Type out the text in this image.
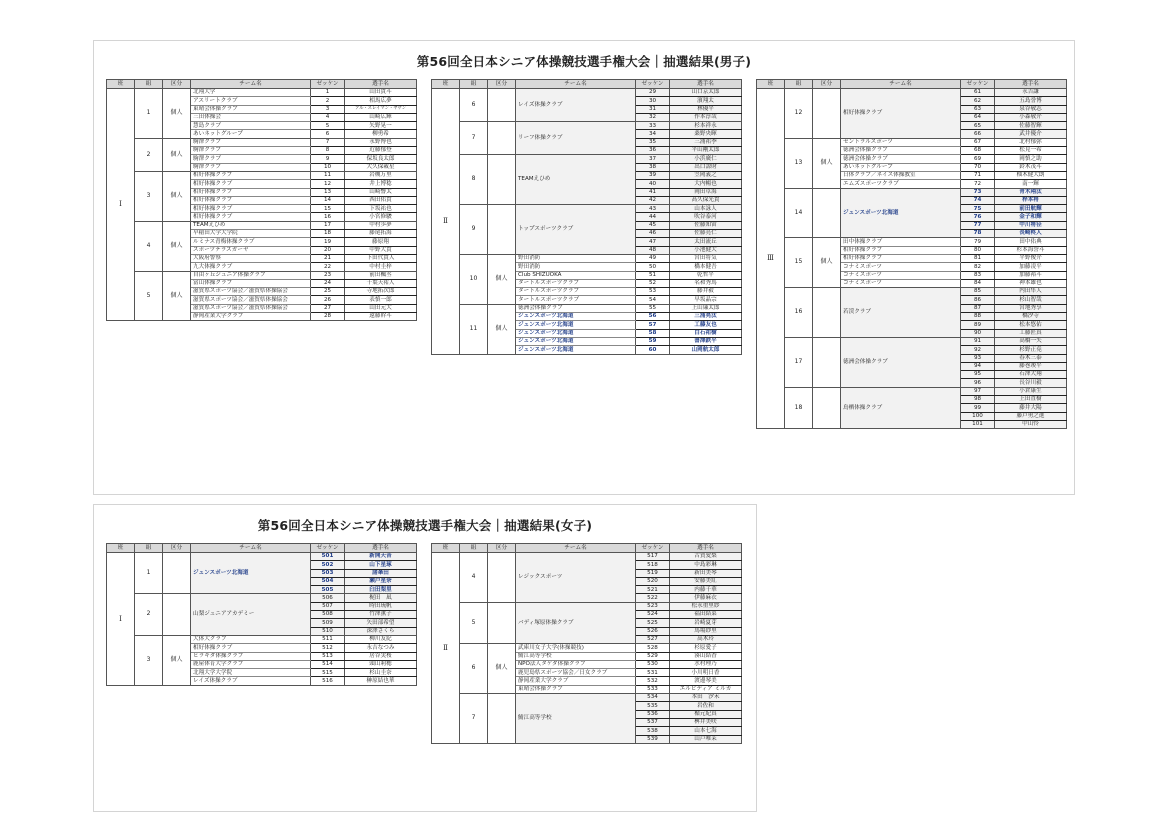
第56回全日本シニア体操競技選手権大会｜抽選結果(男子)
第56回全日本シニア体操競技選手権大会｜抽選結果(女子)
班	組	区分	チーム名	ゼッケン	選手名
Ⅰ	1	個人	北翔大学	1	山田貴斗
			アスリートクラブ	2	相馬広夢
			東晴会体操クラブ	3	アル・スレイマン・ヤザン
			三田体操会	4	山崎広輝
			慧島クラブ	5	矢野晃一
			あいネットグループ	6	柳勇希
	2	個人	駒澤クラブ	7	永野博也
			駒澤クラブ	8	近藤郁登
			駒澤クラブ	9	保坂良太郎
			駒澤クラブ	10	大久保載星
	3	個人	相好体操クラブ	11	岩槻万里
			相好体操クラブ	12	井上博稔
			相好体操クラブ	13	山崎響太
			相好体操クラブ	14	西田佑貴
			相好体操クラブ	15	下坂祐也
			相好体操クラブ	16	小宮修駿
	4	個人	TEAMえひめ	17	中村歩夢
			早稲田大学大学院	18	藤尾拓海
			ルミナス青梅体操クラブ	19	藤原翔
			スポーツテラスガーヤ	20	中野大貴
			大阪府警察	21	下田代貴人
			九大体操クラブ	22	中村圭梓
	5	個人	自由ヶ丘ジュニア体操クラブ	23	前田楓丞
			富山体操クラブ	24	千葉天祐人
			滋賀県スポーツ協会／滋賀県体操協会	25	寺地拓次郎
			滋賀県スポーツ協会／滋賀県体操協会	26	表慎一郎
			滋賀県スポーツ協会／滋賀県体操協会	27	山田元大
			静岡産業大学クラブ	28	遠藤幹斗
班	組	区分	チーム名	ゼッケン	選手名
Ⅱ	6		レイズ体操クラブ	29	山口京太郎
				30	濱翔太
				31	林優平
				32	作本淳哉
	7		リーフ体操クラブ	33	杉本祥永
				34	桑野央暉
				35	三浦祐季
				36	平山剛太郎
	8		TEAMえひめ	37	小浜廣仁
				38	出口諒財
				39	笠岡義之
				40	大内暢也
				41	岡田卓海
				42	高久保光貴
	9		トップスポーツクラブ	43	山本詠人
				44	吹谷泰河
				45	佐藤知宙
				46	佐藤亮仁
				47	太田流丘
				48	小池健大
	10	個人	野田消防	49	宮田将気
			野田消防	50	橋本健吾
			Club SHIZUOKA	51	乾哲平
			タートルスポーツクラブ	52	名和秀馬
			タートルスポーツクラブ	53	藤井毅
			タートルスポーツクラブ	54	早坂晶宗
	11	個人	徳洲会体操クラブ	55	上山廉太郎
			ジュンスポーツ北海道	56	三浦亮汰
			ジュンスポーツ北海道	57	工藤友也
			ジュンスポーツ北海道	58	白石祐樹
			ジュンスポーツ北海道	59	書澤鉄平
			ジュンスポーツ北海道	60	山岡航太郎
班	組	区分	チーム名	ゼッケン	選手名
Ⅲ	12		相好体操クラブ	61	永吉謙
				62	五島誉博
				63	泉谷敬志
				64	小森敬介
				65	佐藤智輝
				66	武井優介
	13	個人	セントラルスポーツ	67	北村郁弥
			徳洲会体操クラブ	68	松見一希
			徳洲会体操クラブ	69	岡慎之助
			あいネットグループ	70	鈴木茂斗
			日体クラブ／ネイス体操教室	71	柚木健大朗
			エムズスポーツクラブ	72	南一輝
	14		ジュンスポーツ北海道	73	青木翔汰
				74	梓本将
				75	前田航輝
				76	金子和輝
				77	中川将径
				78	長崎柊人
	15	個人	田中体操クラブ	79	田中佑典
			相好体操クラブ	80	杉本海誉斗
			相好体操クラブ	81	平野俊介
			コナミスポーツ	82	加藤凌平
			コナミスポーツ	83	加藤裕斗
			コナミスポーツ	84	神本雄也
	16		若渓クラブ	85	内田隼人
				86	杉山智哉
				87	宮地秀享
				88	橋汐寺
				89	松本悠佑
				90	工藤匠真
	17		徳洲会体操クラブ	91	高橋一矢
				92	杉野正尭
				93	春木三泰
				94	藤巻竣平
				95	石澤大翔
				96	長谷川毅
	18		鳥栖体操クラブ	97	小倉康生
				98	上田直樹
				99	藤井大陽
				100	藤戸勇之進
				101	中山怜
班	組	区分	チーム名	ゼッケン	選手名
Ⅰ	1		ジュンスポーツ北海道	501	新開天音
				502	山下星琢
				503	諸峯田
				504	瀬戸星奈
				505	臼田梨里
	2		山梨ジュニアアカデミー	506	梶田　凪
				507	時田琉帆
				508	竹澤薫子
				509	矢田部希望
				510	深澤さくら
	3	個人	大体大クラブ	511	柳川友紀
			相好体操クラブ	512	永吉なつみ
			ヒラキダ体操クラブ	513	居谷実桜
			鹿屋体育大学クラブ	514	頭山莉穂
			北翔大学大学院	515	杉山圭奈
			レイズ体操クラブ	516	榊原結也華
班	組	区分	チーム名	ゼッケン	選手名
Ⅱ	4		レジックスポーツ	517	古賀愛梨
				518	中島彩琳
				519	新田美琴
				520	安藤美紅
				521	内藤千華
				522	伊藤麻衣
	5		バディ塚原体操クラブ	523	松永重里紗
				524	福田結菜
				525	岩崎夏芽
				526	馬場紗里
				527	高木玲
	6	個人	武庫川女子大学(体操競技)	528	杉原愛子
			鯖江高等学校	529	湊山結香
			NPO法人タケダ体操クラブ	530	水村理乃
			鹿児島県スポーツ協会／日女クラブ	531	小川明日香
			静岡産業大学クラブ	532	渡邊琴美
			東晴会体操クラブ	533	エルビディア ミルカ
	7		鯖江高等学校	534	本田　汐禾
				535	岩佐和
				536	楯元妃真
				537	桝井美咲
				538	山本七海
				539	山戸唯茉
